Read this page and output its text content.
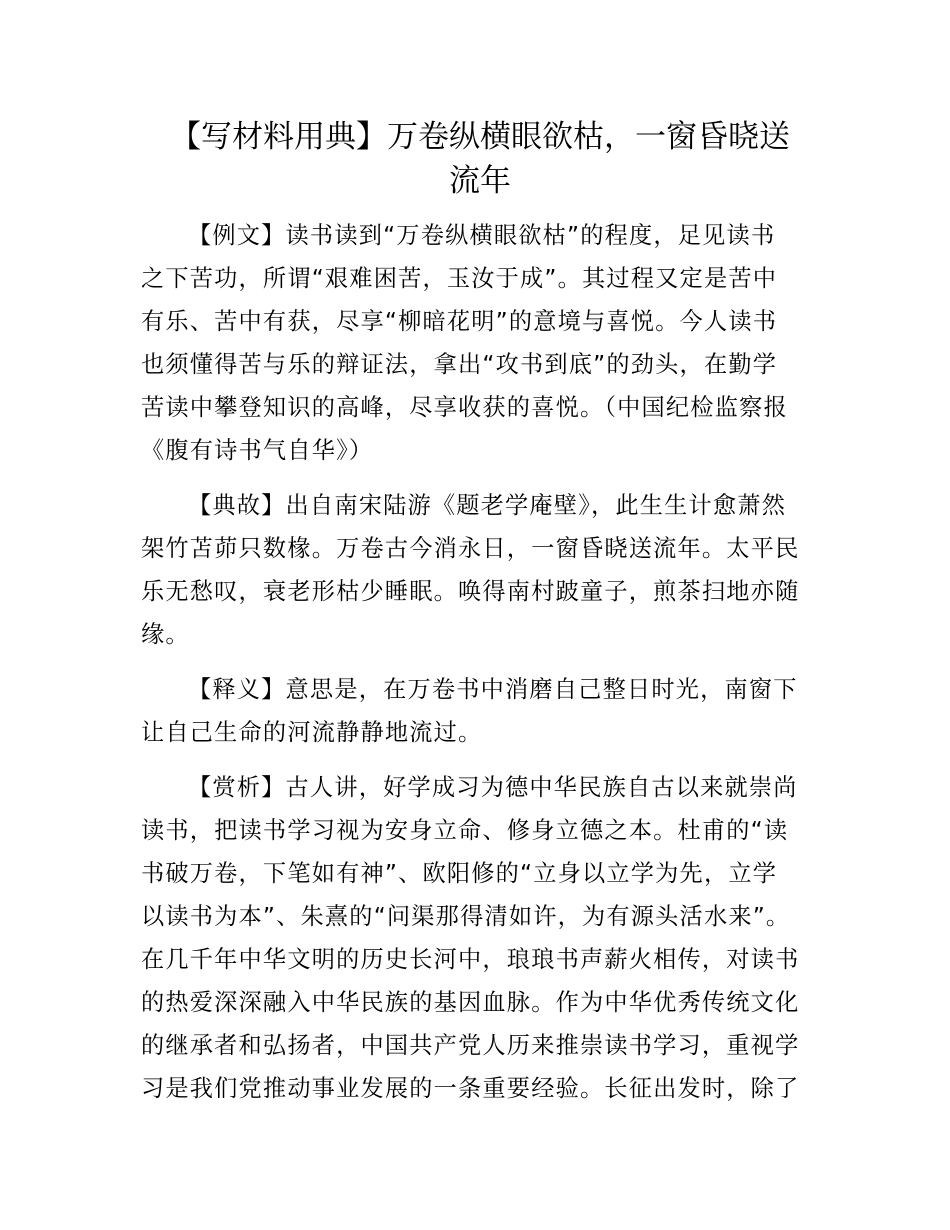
【写材料用典】万卷纵横眼欲枯，一窗昏晓送
流年
【例文】读书读到“万卷纵横眼欲枯”的程度，足见读书
之下苦功，所谓“艰难困苦，玉汝于成”。其过程又定是苦中
有乐、苦中有获，尽享“柳暗花明”的意境与喜悦。今人读书
也须懂得苦与乐的辩证法，拿出“攻书到底”的劲头，在勤学
苦读中攀登知识的高峰，尽享收获的喜悦。（中国纪检监察报
《腹有诗书气自华》）
【典故】出自南宋陆游《题老学庵壁》，此生生计愈萧然
架竹苫茆只数椽。万卷古今消永日，一窗昏晓送流年。太平民
乐无愁叹，衰老形枯少睡眠。唤得南村跛童子，煎茶扫地亦随
缘。
【释义】意思是，在万卷书中消磨自己整日时光，南窗下
让自己生命的河流静静地流过。
【赏析】古人讲，好学成习为德中华民族自古以来就崇尚
读书，把读书学习视为安身立命、修身立德之本。杜甫的“读
书破万卷，下笔如有神”、欧阳修的“立身以立学为先，立学
以读书为本”、朱熹的“问渠那得清如许，为有源头活水来”。
在几千年中华文明的历史长河中，琅琅书声薪火相传，对读书
的热爱深深融入中华民族的基因血脉。作为中华优秀传统文化
的继承者和弘扬者，中国共产党人历来推崇读书学习，重视学
习是我们党推动事业发展的一条重要经验。长征出发时，除了
